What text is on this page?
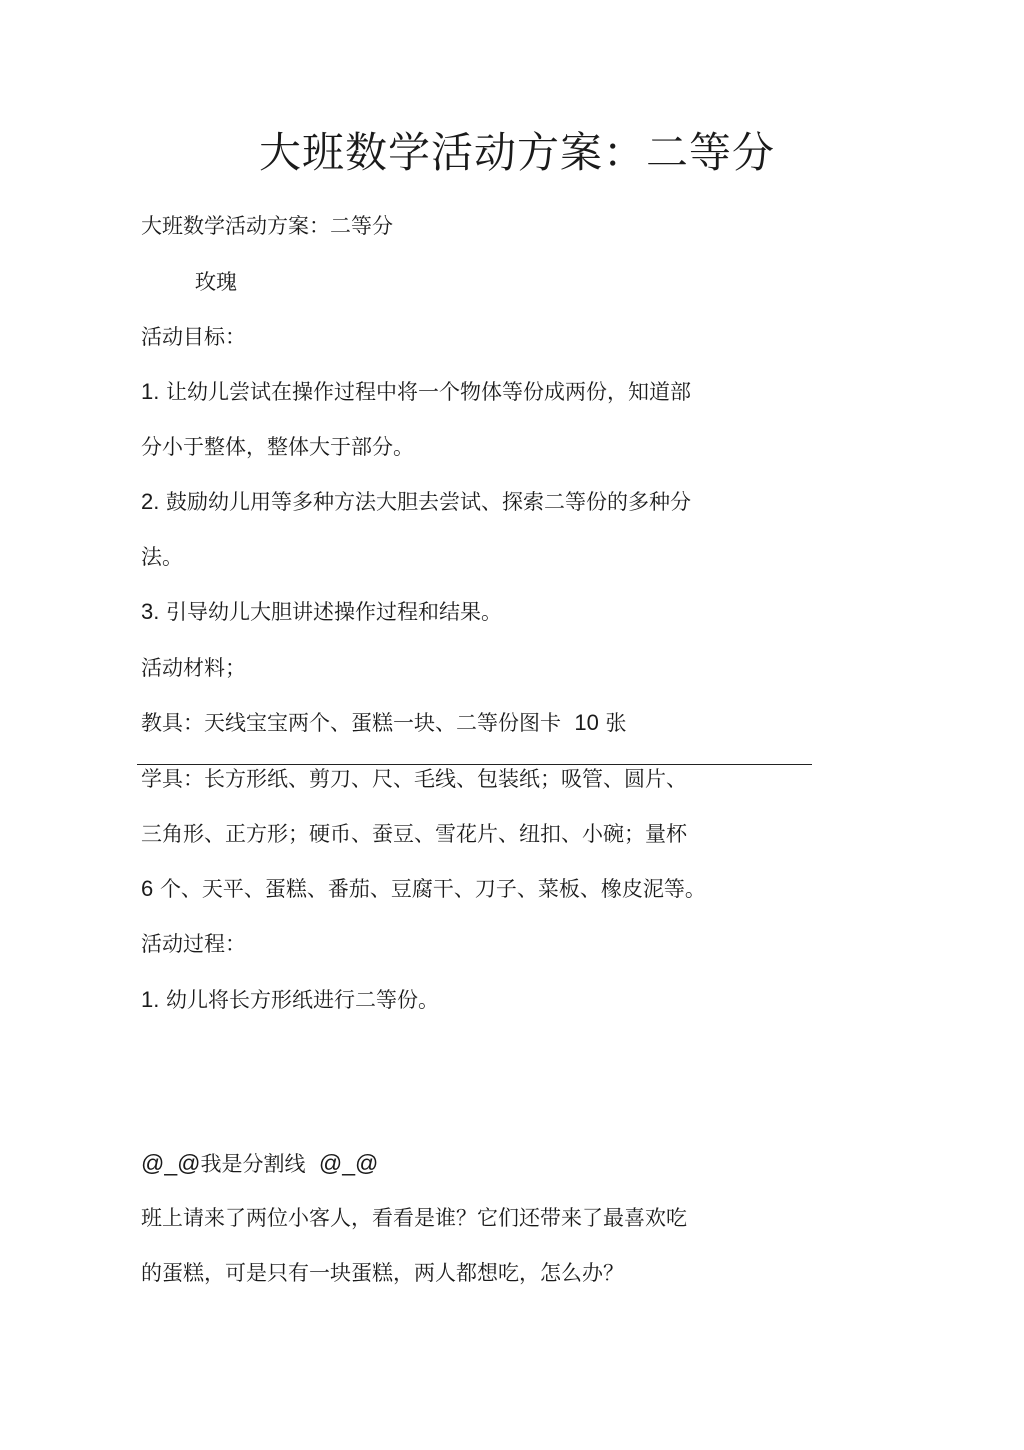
大班数学活动方案：二等分

大班数学活动方案：二等分

玫瑰

活动目标：

1. 让幼儿尝试在操作过程中将一个物体等份成两份，知道部

分小于整体，整体大于部分。

2. 鼓励幼儿用等多种方法大胆去尝试、探索二等份的多种分

法。

3. 引导幼儿大胆讲述操作过程和结果。

活动材料；

教具：天线宝宝两个、蛋糕一块、二等份图卡 10 张

学具：长方形纸、剪刀、尺、毛线、包装纸；吸管、圆片、

三角形、正方形；硬币、蚕豆、雪花片、纽扣、小碗；量杯

6 个、天平、蛋糕、番茄、豆腐干、刀子、菜板、橡皮泥等。

活动过程：

1. 幼儿将长方形纸进行二等份。

@_@我是分割线 @_@

班上请来了两位小客人，看看是谁？它们还带来了最喜欢吃

的蛋糕，可是只有一块蛋糕，两人都想吃，怎么办？
